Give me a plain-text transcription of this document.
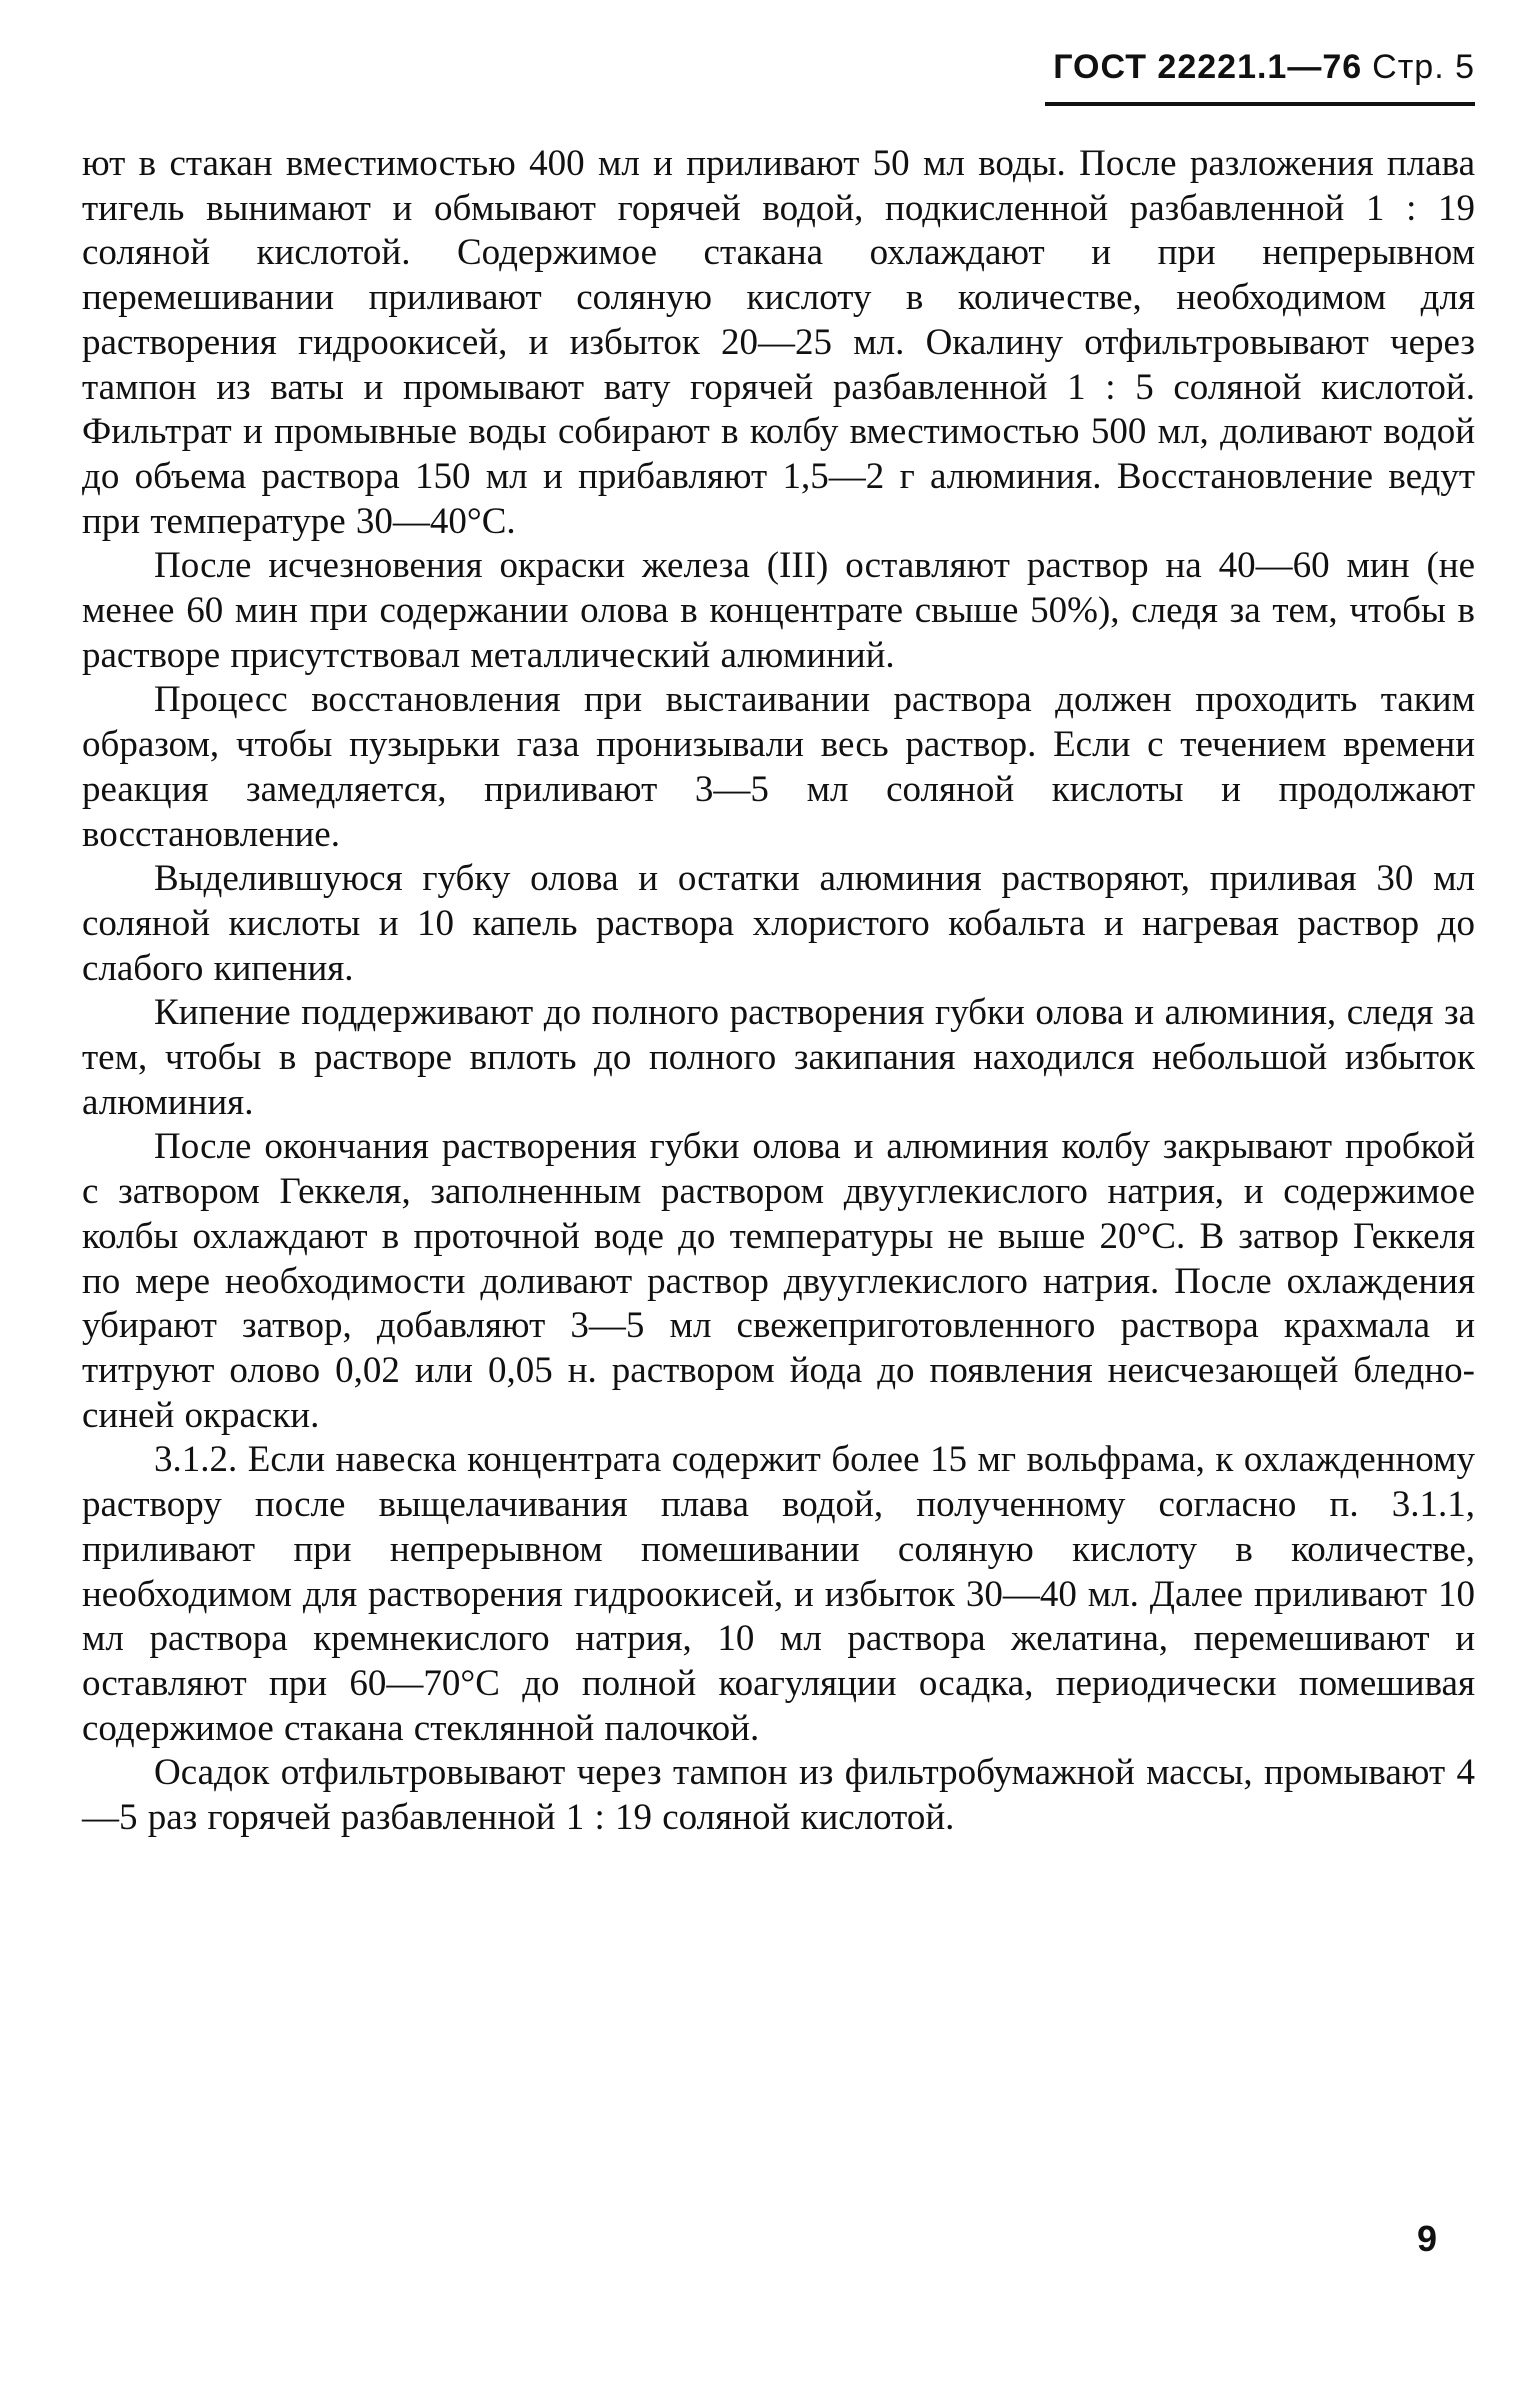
ГОСТ 22221.1—76 Стр. 5

ют в стакан вместимостью 400 мл и приливают 50 мл воды. После разложения плава тигель вынимают и обмывают горячей водой, подкисленной разбавленной 1 : 19 соляной кислотой. Содержимое стакана охлаждают и при непрерывном перемешивании приливают соляную кислоту в количестве, необходимом для растворения гидроокисей, и избыток 20—25 мл. Окалину отфильтровывают через тампон из ваты и промывают вату горячей разбавленной 1 : 5 соляной кислотой. Фильтрат и промывные воды собирают в колбу вместимостью 500 мл, доливают водой до объема раствора 150 мл и прибавляют 1,5—2 г алюминия. Восстановление ведут при температуре 30—40°С.

После исчезновения окраски железа (III) оставляют раствор на 40—60 мин (не менее 60 мин при содержании олова в концентрате свыше 50%), следя за тем, чтобы в растворе присутствовал металлический алюминий.

Процесс восстановления при выстаивании раствора должен проходить таким образом, чтобы пузырьки газа пронизывали весь раствор. Если с течением времени реакция замедляется, приливают 3—5 мл соляной кислоты и продолжают восстановление.

Выделившуюся губку олова и остатки алюминия растворяют, приливая 30 мл соляной кислоты и 10 капель раствора хлористого кобальта и нагревая раствор до слабого кипения.

Кипение поддерживают до полного растворения губки олова и алюминия, следя за тем, чтобы в растворе вплоть до полного закипания находился небольшой избыток алюминия.

После окончания растворения губки олова и алюминия колбу закрывают пробкой с затвором Геккеля, заполненным раствором двууглекислого натрия, и содержимое колбы охлаждают в проточной воде до температуры не выше 20°С. В затвор Геккеля по мере необходимости доливают раствор двууглекислого натрия. После охлаждения убирают затвор, добавляют 3—5 мл свежеприготовленного раствора крахмала и титруют олово 0,02 или 0,05 н. раствором йода до появления неисчезающей бледно-синей окраски.

3.1.2. Если навеска концентрата содержит более 15 мг вольфрама, к охлажденному раствору после выщелачивания плава водой, полученному согласно п. 3.1.1, приливают при непрерывном помешивании соляную кислоту в количестве, необходимом для растворения гидроокисей, и избыток 30—40 мл. Далее приливают 10 мл раствора кремнекислого натрия, 10 мл раствора желатина, перемешивают и оставляют при 60—70°С до полной коагуляции осадка, периодически помешивая содержимое стакана стеклянной палочкой.

Осадок отфильтровывают через тампон из фильтробумажной массы, промывают 4—5 раз горячей разбавленной 1 : 19 соляной кислотой.

9
